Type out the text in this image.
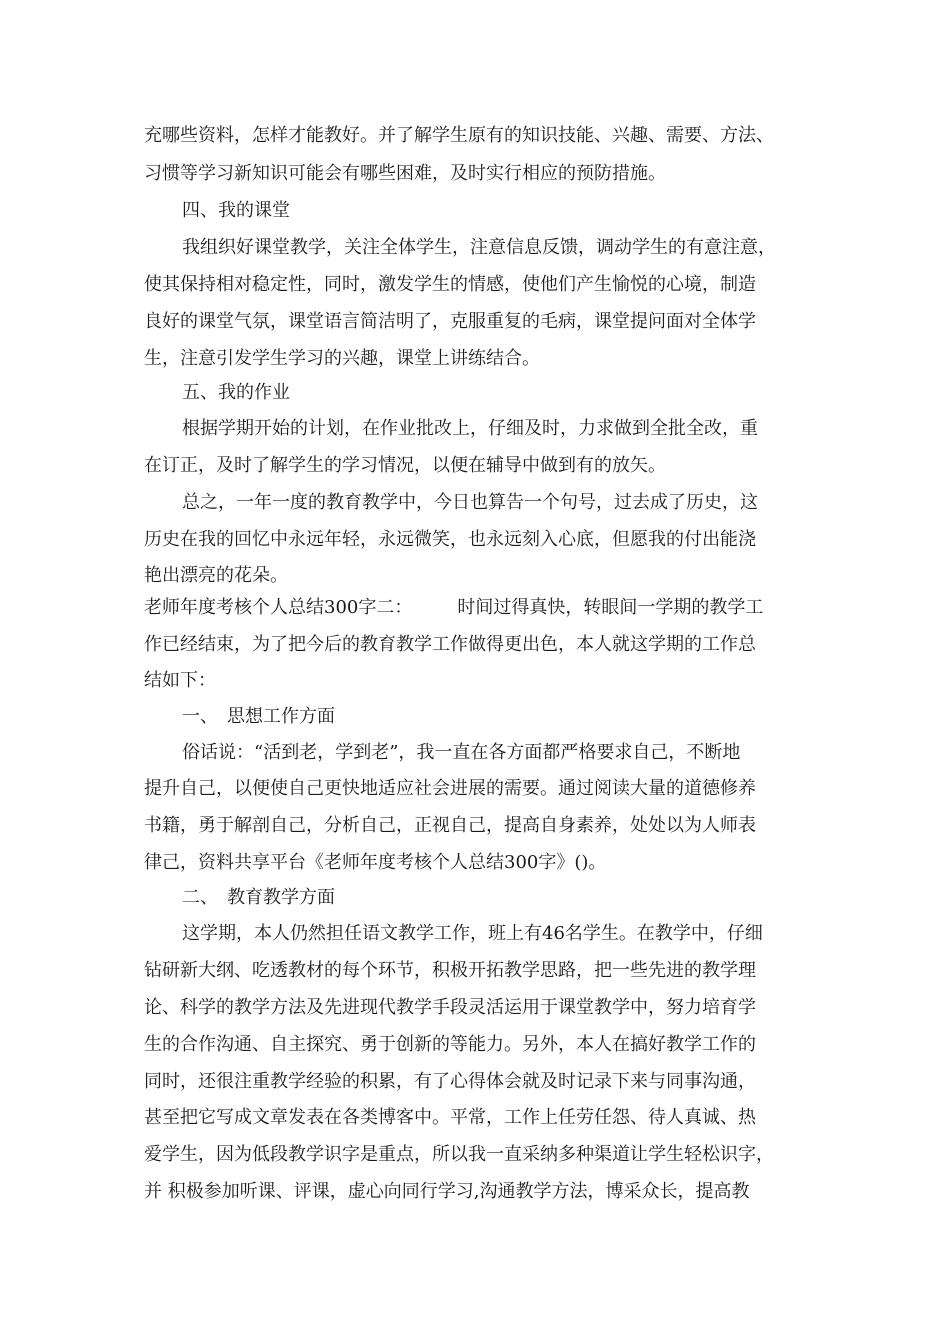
充哪些资料，怎样才能教好。并了解学生原有的知识技能、兴趣、需要、方法、
习惯等学习新知识可能会有哪些困难，及时实行相应的预防措施。
四、我的课堂
我组织好课堂教学，关注全体学生，注意信息反馈，调动学生的有意注意，
使其保持相对稳定性，同时，激发学生的情感，使他们产生愉悦的心境，制造
良好的课堂气氛，课堂语言简洁明了，克服重复的毛病，课堂提问面对全体学
生，注意引发学生学习的兴趣，课堂上讲练结合。
五、我的作业
根据学期开始的计划，在作业批改上，仔细及时，力求做到全批全改，重
在订正，及时了解学生的学习情况，以便在辅导中做到有的放矢。
总之，一年一度的教育教学中，今日也算告一个句号，过去成了历史，这
历史在我的回忆中永远年轻，永远微笑，也永远刻入心底，但愿我的付出能浇
艳出漂亮的花朵。
老师年度考核个人总结300字二：　　　时间过得真快，转眼间一学期的教学工
作已经结束，为了把今后的教育教学工作做得更出色，本人就这学期的工作总
结如下：
一、　思想工作方面
俗话说：“活到老，学到老”，我一直在各方面都严格要求自己，不断地
提升自己，以便使自己更快地适应社会进展的需要。通过阅读大量的道德修养
书籍，勇于解剖自己，分析自己，正视自己，提高自身素养，处处以为人师表
律己，资料共享平台《老师年度考核个人总结300字》()。
二、　教育教学方面
这学期，本人仍然担任语文教学工作，班上有46名学生。在教学中，仔细
钻研新大纲、吃透教材的每个环节，积极开拓教学思路，把一些先进的教学理
论、科学的教学方法及先进现代教学手段灵活运用于课堂教学中，努力培育学
生的合作沟通、自主探究、勇于创新的等能力。另外，本人在搞好教学工作的
同时，还很注重教学经验的积累，有了心得体会就及时记录下来与同事沟通，
甚至把它写成文章发表在各类博客中。平常，工作上任劳任怨、待人真诚、热
爱学生，因为低段教学识字是重点，所以我一直采纳多种渠道让学生轻松识字，
并 积极参加听课、评课，虚心向同行学习,沟通教学方法，博采众长，提高教
